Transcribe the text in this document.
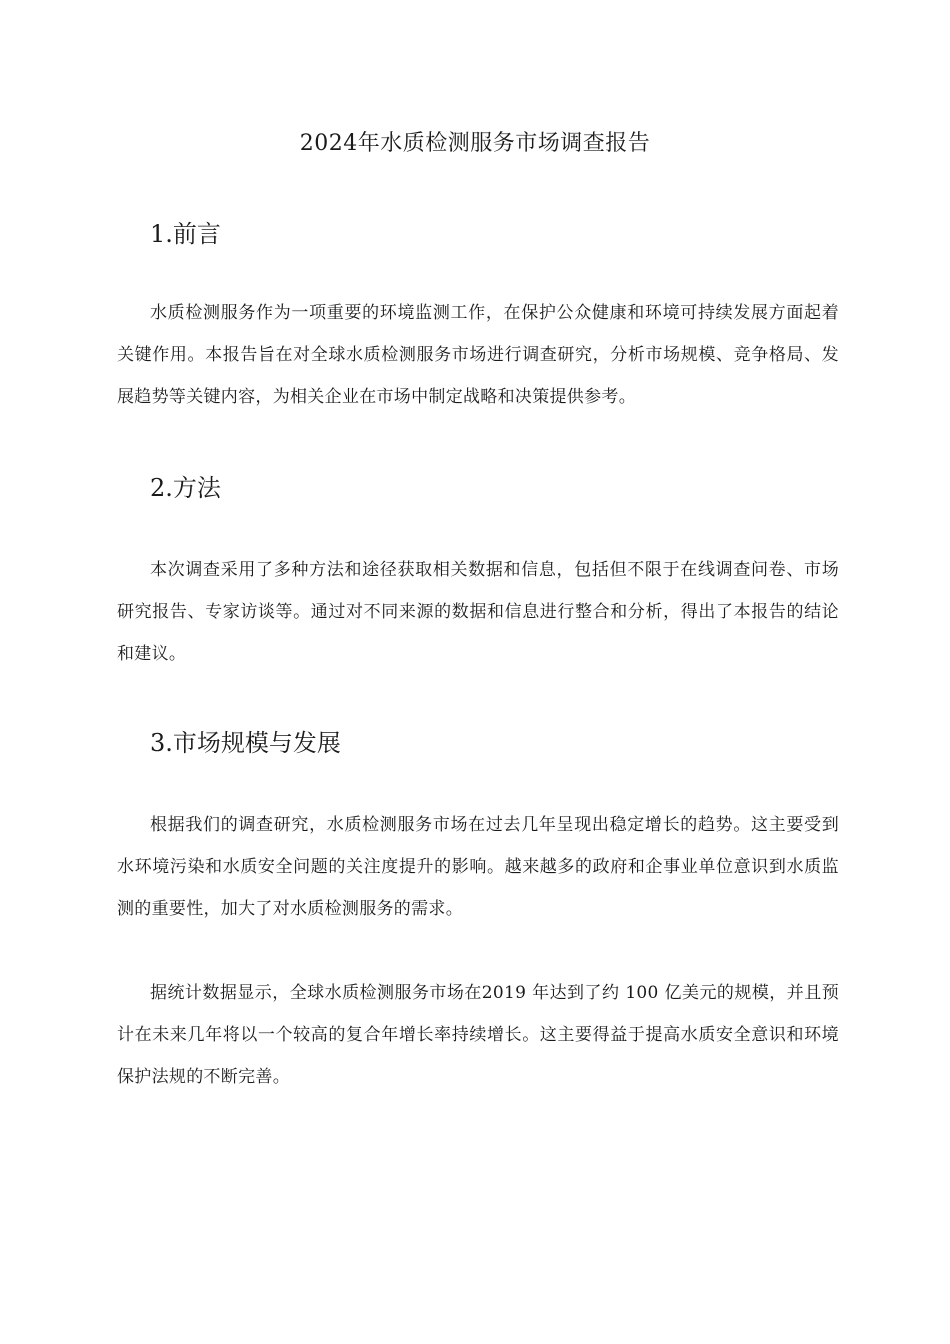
2024年水质检测服务市场调查报告
1.前言

水质检测服务作为一项重要的环境监测工作，在保护公众健康和环境可持续发展方面起着关键作用。本报告旨在对全球水质检测服务市场进行调查研究，分析市场规模、竞争格局、发展趋势等关键内容，为相关企业在市场中制定战略和决策提供参考。

2.方法

本次调查采用了多种方法和途径获取相关数据和信息，包括但不限于在线调查问卷、市场研究报告、专家访谈等。通过对不同来源的数据和信息进行整合和分析，得出了本报告的结论和建议。

3.市场规模与发展

根据我们的调查研究，水质检测服务市场在过去几年呈现出稳定增长的趋势。这主要受到水环境污染和水质安全问题的关注度提升的影响。越来越多的政府和企事业单位意识到水质监测的重要性，加大了对水质检测服务的需求。

据统计数据显示，全球水质检测服务市场在2019 年达到了约 100 亿美元的规模，并且预计在未来几年将以一个较高的复合年增长率持续增长。这主要得益于提高水质安全意识和环境保护法规的不断完善。
